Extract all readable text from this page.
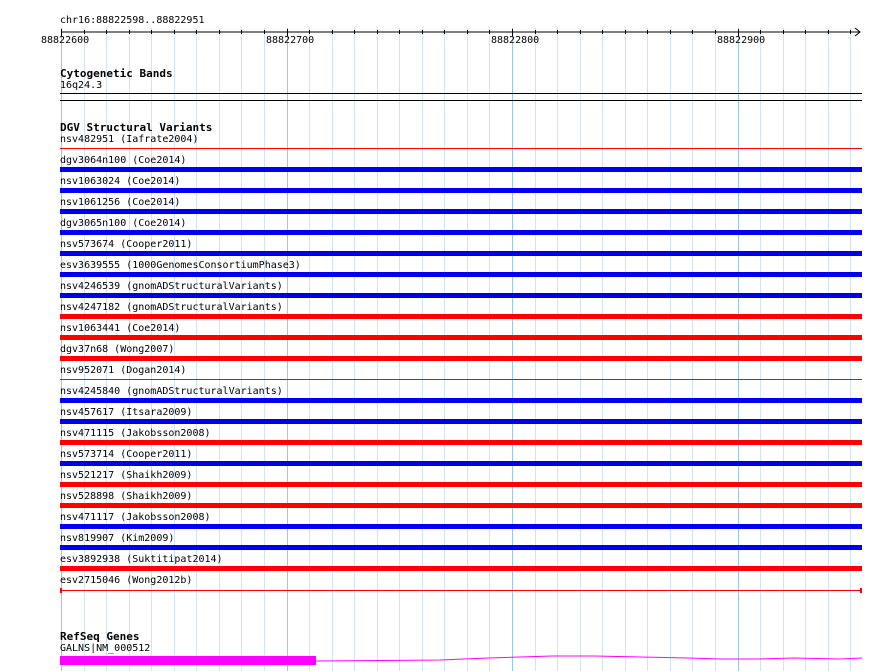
chr16:88822598..88822951
88822600	88822700	88822800	88822900
Cytogenetic Bands
16q24.3
DGV Structural Variants
nsv482951 (Iafrate2004)
dgv3064n100 (Coe2014)
nsv1063024 (Coe2014)
nsv1061256 (Coe2014)
dgv3065n100 (Coe2014)
nsv573674 (Cooper2011)
esv3639555 (1000GenomesConsortiumPhase3)
nsv4246539 (gnomADStructuralVariants)
nsv4247182 (gnomADStructuralVariants)
nsv1063441 (Coe2014)
dgv37n68 (Wong2007)
nsv952071 (Dogan2014)
nsv4245840 (gnomADStructuralVariants)
nsv457617 (Itsara2009)
nsv471115 (Jakobsson2008)
nsv573714 (Cooper2011)
nsv521217 (Shaikh2009)
nsv528898 (Shaikh2009)
nsv471117 (Jakobsson2008)
nsv819907 (Kim2009)
esv3892938 (Suktitipat2014)
esv2715046 (Wong2012b)
RefSeq Genes
GALNS|NM_000512
